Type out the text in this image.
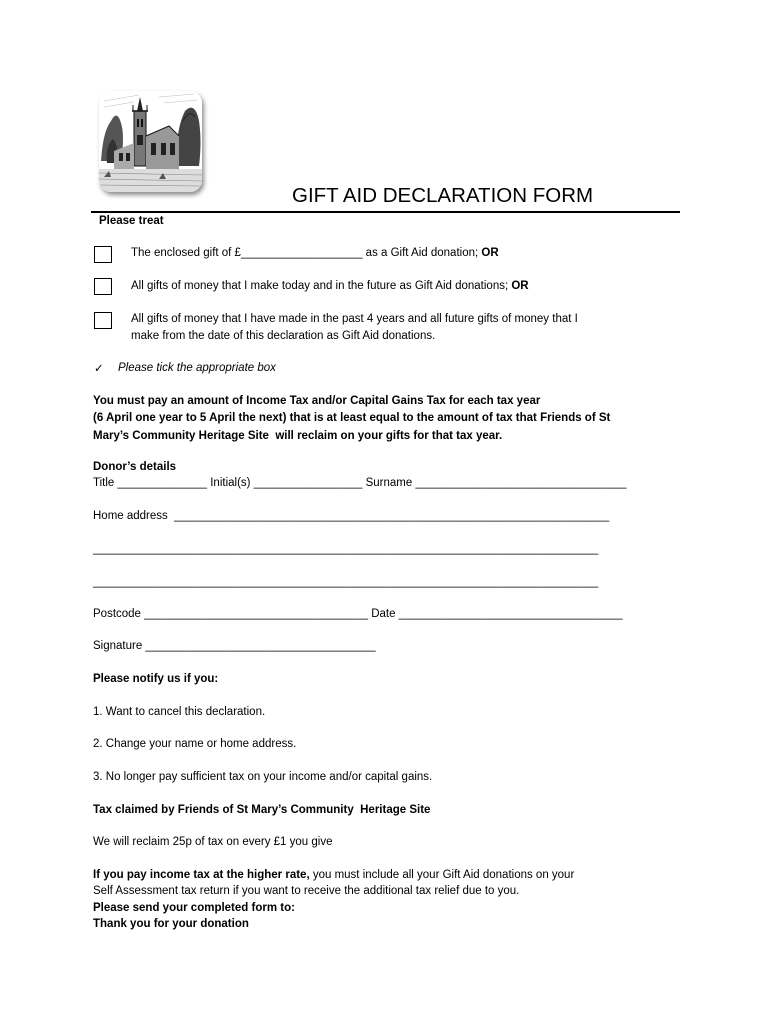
GIFT AID DECLARATION FORM
Please treat
The enclosed gift of £___________________ as a Gift Aid donation; OR
All gifts of money that I make today and in the future as Gift Aid donations; OR
All gifts of money that I have made in the past 4 years and all future gifts of money that I
make from the date of this declaration as Gift Aid donations.
✓ Please tick the appropriate box
You must pay an amount of Income Tax and/or Capital Gains Tax for each tax year
(6 April one year to 5 April the next) that is at least equal to the amount of tax that Friends of St
Mary’s Community Heritage Site  will reclaim on your gifts for that tax year.
Donor’s details
Title ______________ Initial(s) _________________ Surname _________________________________
Home address  ____________________________________________________________________
_______________________________________________________________________________
_______________________________________________________________________________
Postcode ___________________________________ Date ___________________________________
Signature ____________________________________
Please notify us if you:
1. Want to cancel this declaration.
2. Change your name or home address.
3. No longer pay sufficient tax on your income and/or capital gains.
Tax claimed by Friends of St Mary’s Community  Heritage Site
We will reclaim 25p of tax on every £1 you give
If you pay income tax at the higher rate, you must include all your Gift Aid donations on your
Self Assessment tax return if you want to receive the additional tax relief due to you.
Please send your completed form to:
Thank you for your donation
